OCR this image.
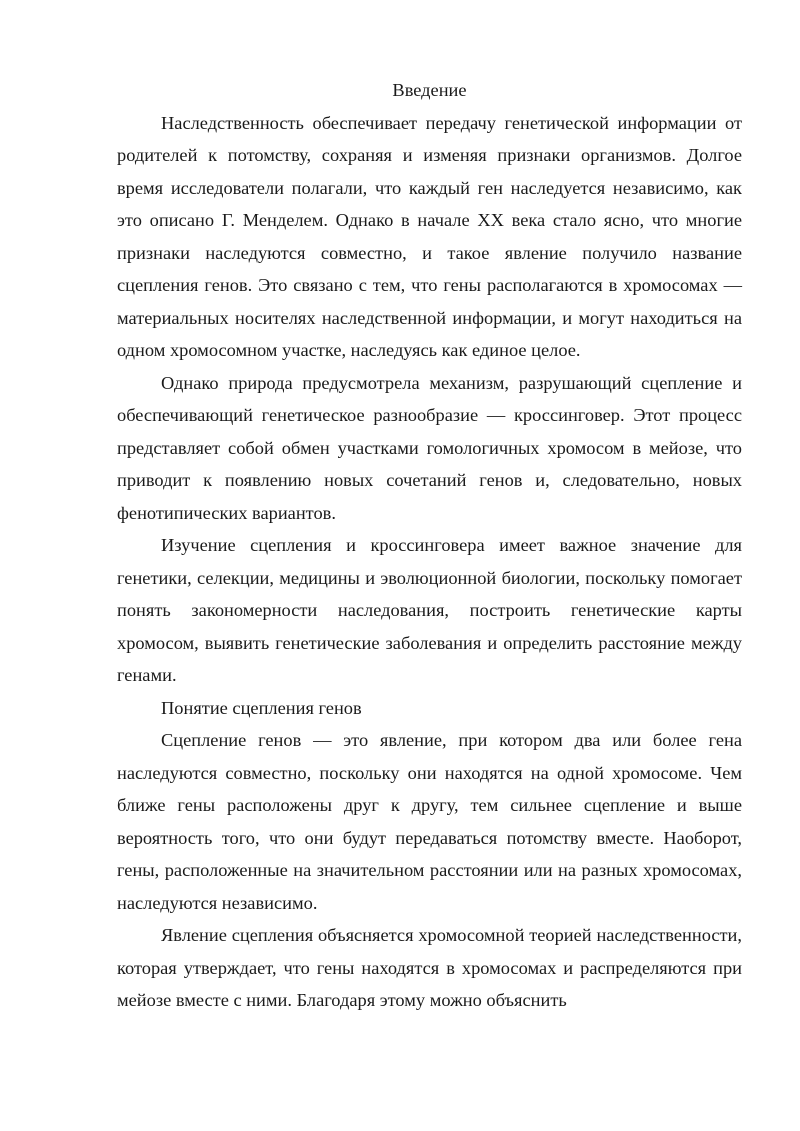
Введение

Наследственность обеспечивает передачу генетической информации от родителей к потомству, сохраняя и изменяя признаки организмов. Долгое время исследователи полагали, что каждый ген наследуется независимо, как это описано Г. Менделем. Однако в начале XX века стало ясно, что многие признаки наследуются совместно, и такое явление получило название сцепления генов. Это связано с тем, что гены располагаются в хромосомах — материальных носителях наследственной информации, и могут находиться на одном хромосомном участке, наследуясь как единое целое.

Однако природа предусмотрела механизм, разрушающий сцепление и обеспечивающий генетическое разнообразие — кроссинговер. Этот процесс представляет собой обмен участками гомологичных хромосом в мейозе, что приводит к появлению новых сочетаний генов и, следовательно, новых фенотипических вариантов.

Изучение сцепления и кроссинговера имеет важное значение для генетики, селекции, медицины и эволюционной биологии, поскольку помогает понять закономерности наследования, построить генетические карты хромосом, выявить генетические заболевания и определить расстояние между генами.

Понятие сцепления генов

Сцепление генов — это явление, при котором два или более гена наследуются совместно, поскольку они находятся на одной хромосоме. Чем ближе гены расположены друг к другу, тем сильнее сцепление и выше вероятность того, что они будут передаваться потомству вместе. Наоборот, гены, расположенные на значительном расстоянии или на разных хромосомах, наследуются независимо.

Явление сцепления объясняется хромосомной теорией наследственности, которая утверждает, что гены находятся в хромосомах и распределяются при мейозе вместе с ними. Благодаря этому можно объяснить
